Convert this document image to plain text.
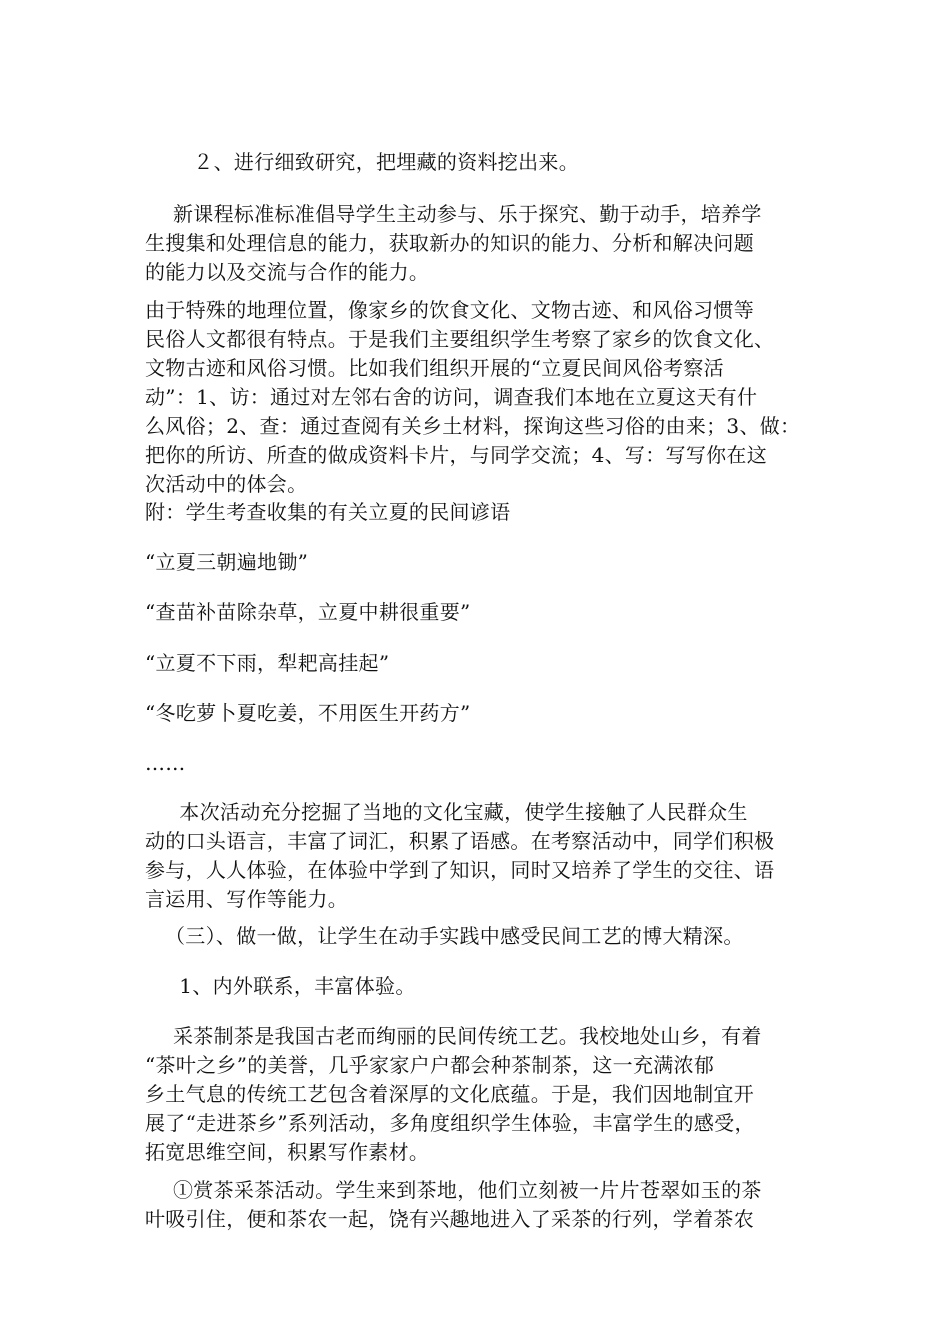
　２、进行细致研究，把埋藏的资料挖出来。

新课程标准标准倡导学生主动参与、乐于探究、勤于动手，培养学
生搜集和处理信息的能力，获取新办的知识的能力、分析和解决问题
的能力以及交流与合作的能力。

由于特殊的地理位置，像家乡的饮食文化、文物古迹、和风俗习惯等
民俗人文都很有特点。于是我们主要组织学生考察了家乡的饮食文化、
文物古迹和风俗习惯。比如我们组织开展的“立夏民间风俗考察活
动”：1、访：通过对左邻右舍的访问，调查我们本地在立夏这天有什
么风俗；2、查：通过查阅有关乡土材料，探询这些习俗的由来；3、做：
把你的所访、所查的做成资料卡片，与同学交流；4、写：写写你在这
次活动中的体会。

附：学生考查收集的有关立夏的民间谚语

“立夏三朝遍地锄”

“查苗补苗除杂草，立夏中耕很重要”

“立夏不下雨，犁耙高挂起”

“冬吃萝卜夏吃姜，不用医生开药方”

……

　本次活动充分挖掘了当地的文化宝藏，使学生接触了人民群众生
动的口头语言，丰富了词汇，积累了语感。在考察活动中，同学们积极
参与，人人体验，在体验中学到了知识，同时又培养了学生的交往、语
言运用、写作等能力。

（三）、做一做，让学生在动手实践中感受民间工艺的博大精深。

　1、内外联系，丰富体验。

采茶制茶是我国古老而绚丽的民间传统工艺。我校地处山乡，有着
“茶叶之乡”的美誉，几乎家家户户都会种茶制茶，这一充满浓郁
乡土气息的传统工艺包含着深厚的文化底蕴。于是，我们因地制宜开
展了“走进茶乡”系列活动，多角度组织学生体验，丰富学生的感受，
拓宽思维空间，积累写作素材。

①赏茶采茶活动。学生来到茶地，他们立刻被一片片苍翠如玉的茶
叶吸引住，便和茶农一起，饶有兴趣地进入了采茶的行列，学着茶农
